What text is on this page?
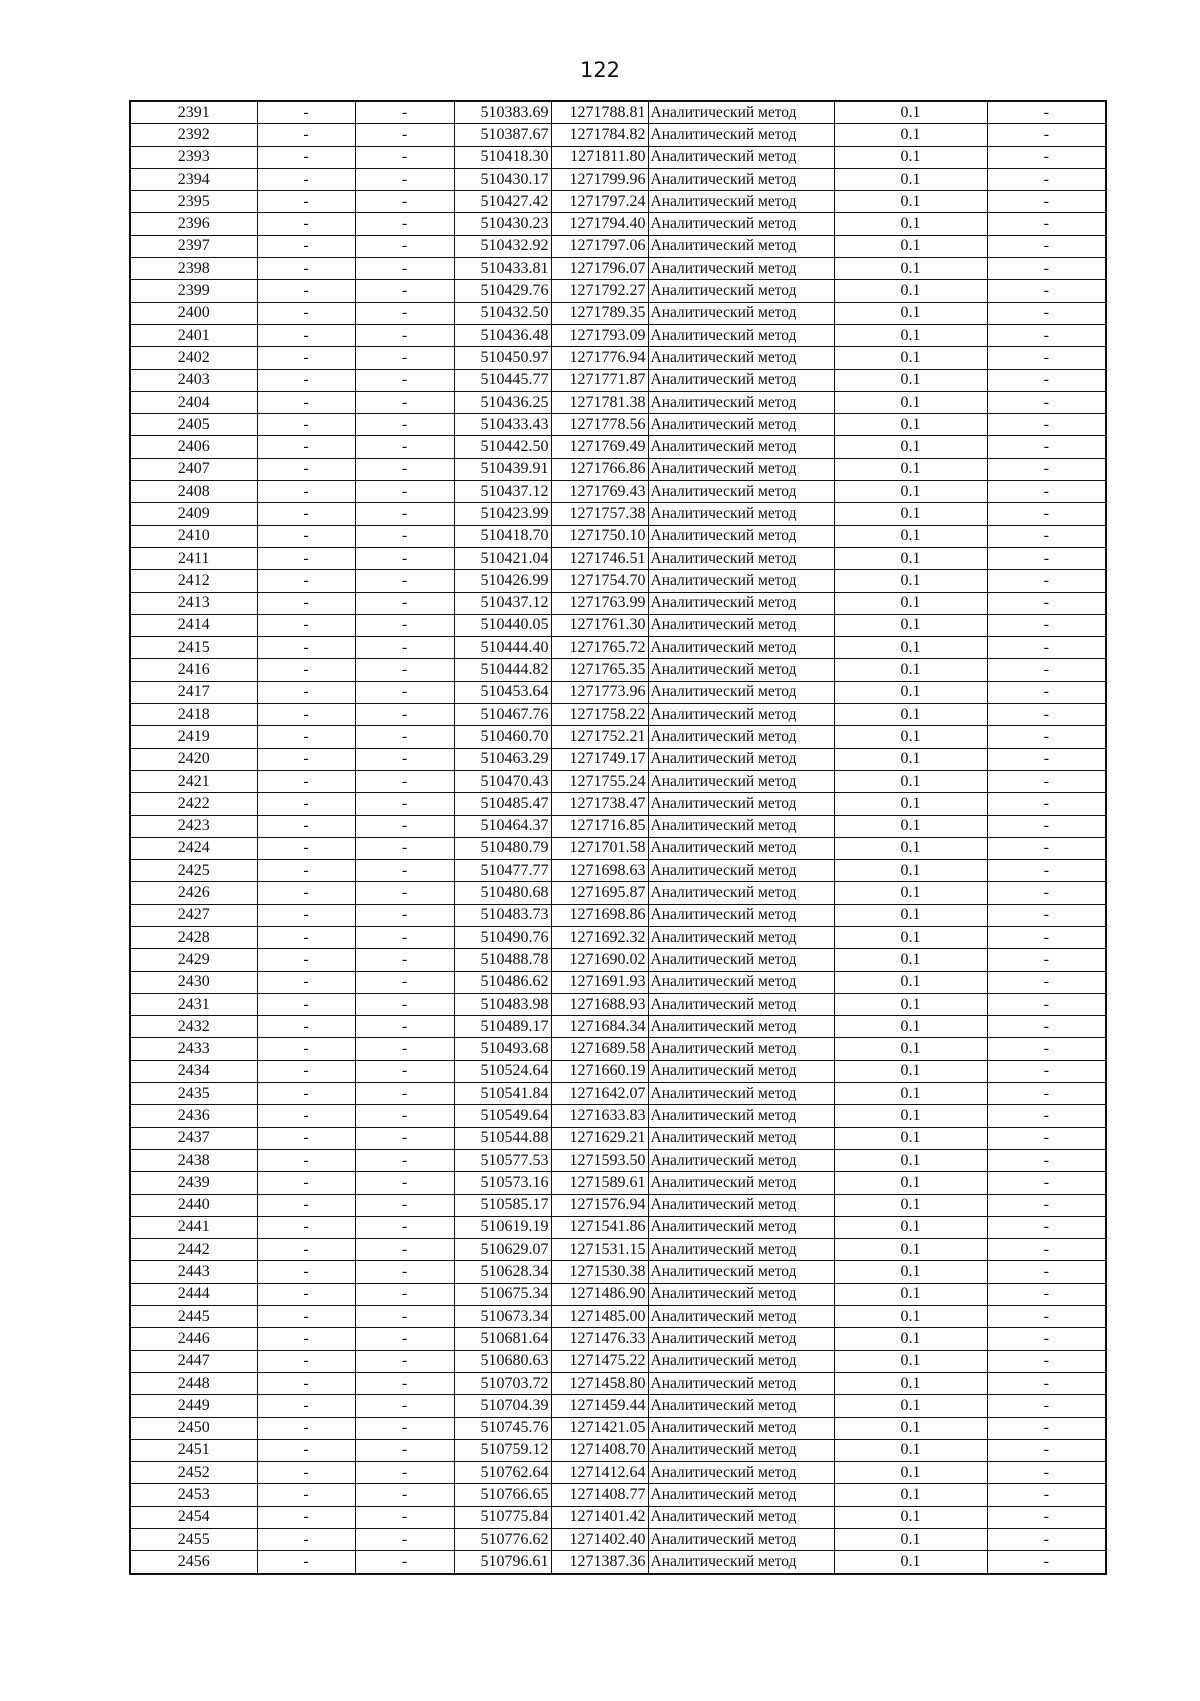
122
2391	-	-	510383.69	1271788.81	Аналитический метод	0.1	-
2392	-	-	510387.67	1271784.82	Аналитический метод	0.1	-
2393	-	-	510418.30	1271811.80	Аналитический метод	0.1	-
2394	-	-	510430.17	1271799.96	Аналитический метод	0.1	-
2395	-	-	510427.42	1271797.24	Аналитический метод	0.1	-
2396	-	-	510430.23	1271794.40	Аналитический метод	0.1	-
2397	-	-	510432.92	1271797.06	Аналитический метод	0.1	-
2398	-	-	510433.81	1271796.07	Аналитический метод	0.1	-
2399	-	-	510429.76	1271792.27	Аналитический метод	0.1	-
2400	-	-	510432.50	1271789.35	Аналитический метод	0.1	-
2401	-	-	510436.48	1271793.09	Аналитический метод	0.1	-
2402	-	-	510450.97	1271776.94	Аналитический метод	0.1	-
2403	-	-	510445.77	1271771.87	Аналитический метод	0.1	-
2404	-	-	510436.25	1271781.38	Аналитический метод	0.1	-
2405	-	-	510433.43	1271778.56	Аналитический метод	0.1	-
2406	-	-	510442.50	1271769.49	Аналитический метод	0.1	-
2407	-	-	510439.91	1271766.86	Аналитический метод	0.1	-
2408	-	-	510437.12	1271769.43	Аналитический метод	0.1	-
2409	-	-	510423.99	1271757.38	Аналитический метод	0.1	-
2410	-	-	510418.70	1271750.10	Аналитический метод	0.1	-
2411	-	-	510421.04	1271746.51	Аналитический метод	0.1	-
2412	-	-	510426.99	1271754.70	Аналитический метод	0.1	-
2413	-	-	510437.12	1271763.99	Аналитический метод	0.1	-
2414	-	-	510440.05	1271761.30	Аналитический метод	0.1	-
2415	-	-	510444.40	1271765.72	Аналитический метод	0.1	-
2416	-	-	510444.82	1271765.35	Аналитический метод	0.1	-
2417	-	-	510453.64	1271773.96	Аналитический метод	0.1	-
2418	-	-	510467.76	1271758.22	Аналитический метод	0.1	-
2419	-	-	510460.70	1271752.21	Аналитический метод	0.1	-
2420	-	-	510463.29	1271749.17	Аналитический метод	0.1	-
2421	-	-	510470.43	1271755.24	Аналитический метод	0.1	-
2422	-	-	510485.47	1271738.47	Аналитический метод	0.1	-
2423	-	-	510464.37	1271716.85	Аналитический метод	0.1	-
2424	-	-	510480.79	1271701.58	Аналитический метод	0.1	-
2425	-	-	510477.77	1271698.63	Аналитический метод	0.1	-
2426	-	-	510480.68	1271695.87	Аналитический метод	0.1	-
2427	-	-	510483.73	1271698.86	Аналитический метод	0.1	-
2428	-	-	510490.76	1271692.32	Аналитический метод	0.1	-
2429	-	-	510488.78	1271690.02	Аналитический метод	0.1	-
2430	-	-	510486.62	1271691.93	Аналитический метод	0.1	-
2431	-	-	510483.98	1271688.93	Аналитический метод	0.1	-
2432	-	-	510489.17	1271684.34	Аналитический метод	0.1	-
2433	-	-	510493.68	1271689.58	Аналитический метод	0.1	-
2434	-	-	510524.64	1271660.19	Аналитический метод	0.1	-
2435	-	-	510541.84	1271642.07	Аналитический метод	0.1	-
2436	-	-	510549.64	1271633.83	Аналитический метод	0.1	-
2437	-	-	510544.88	1271629.21	Аналитический метод	0.1	-
2438	-	-	510577.53	1271593.50	Аналитический метод	0.1	-
2439	-	-	510573.16	1271589.61	Аналитический метод	0.1	-
2440	-	-	510585.17	1271576.94	Аналитический метод	0.1	-
2441	-	-	510619.19	1271541.86	Аналитический метод	0.1	-
2442	-	-	510629.07	1271531.15	Аналитический метод	0.1	-
2443	-	-	510628.34	1271530.38	Аналитический метод	0.1	-
2444	-	-	510675.34	1271486.90	Аналитический метод	0.1	-
2445	-	-	510673.34	1271485.00	Аналитический метод	0.1	-
2446	-	-	510681.64	1271476.33	Аналитический метод	0.1	-
2447	-	-	510680.63	1271475.22	Аналитический метод	0.1	-
2448	-	-	510703.72	1271458.80	Аналитический метод	0.1	-
2449	-	-	510704.39	1271459.44	Аналитический метод	0.1	-
2450	-	-	510745.76	1271421.05	Аналитический метод	0.1	-
2451	-	-	510759.12	1271408.70	Аналитический метод	0.1	-
2452	-	-	510762.64	1271412.64	Аналитический метод	0.1	-
2453	-	-	510766.65	1271408.77	Аналитический метод	0.1	-
2454	-	-	510775.84	1271401.42	Аналитический метод	0.1	-
2455	-	-	510776.62	1271402.40	Аналитический метод	0.1	-
2456	-	-	510796.61	1271387.36	Аналитический метод	0.1	-
